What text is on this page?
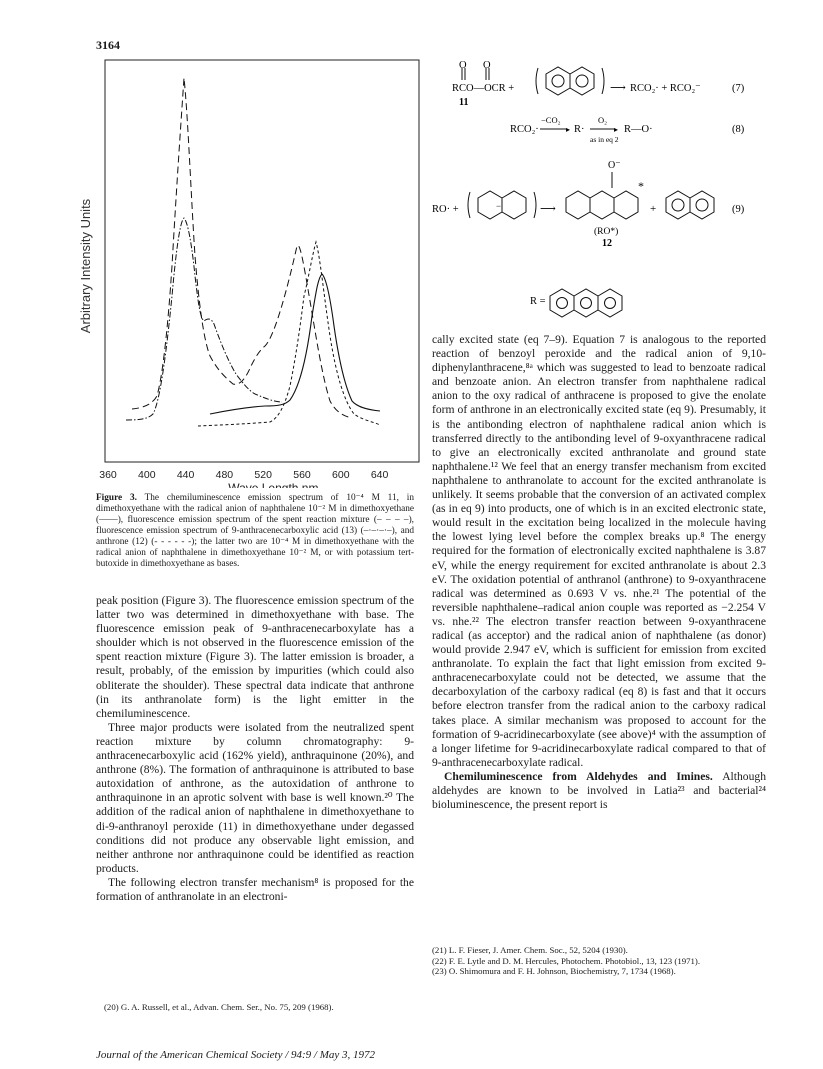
3164
Arbitrary Intensity Units
360 400 440 480 520 560 600 640
Wave Length nm.
Figure 3. The chemiluminescence emission spectrum of 10⁻⁴ M 11, in dimethoxyethane with the radical anion of naphthalene 10⁻² M in dimethoxyethane (——), fluorescence emission spectrum of the spent reaction mixture (– – – –), fluorescence emission spectrum of 9-anthracenecarboxylic acid (13) (–·–·–·–), and anthrone (12) (- - - - - -); the latter two are 10⁻⁴ M in dimethoxyethane with the radical anion of naphthalene in dimethoxyethane 10⁻² M, or with potassium tert-butoxide in dimethoxyethane as bases.

peak position (Figure 3). The fluorescence emission spectrum of the latter two was determined in dimethoxyethane with base. The fluorescence emission peak of 9-anthracenecarboxylate has a shoulder which is not observed in the fluorescence emission of the spent reaction mixture (Figure 3). The latter emission is broader, a result, probably, of the emission by impurities (which could also obliterate the shoulder). These spectral data indicate that anthrone (in its anthranolate form) is the light emitter in the chemiluminescence.

Three major products were isolated from the neutralized spent reaction mixture by column chromatography: 9-anthracenecarboxylic acid (162% yield), anthraquinone (20%), and anthrone (8%). The formation of anthraquinone is attributed to base autoxidation of anthrone, as the autoxidation of anthrone to anthraquinone in an aprotic solvent with base is well known.²⁰ The addition of the radical anion of naphthalene in dimethoxyethane to di-9-anthranoyl peroxide (11) in dimethoxyethane under degassed conditions did not produce any observable light emission, and neither anthrone nor anthraquinone could be identified as reaction products.

The following electron transfer mechanism⁸ is proposed for the formation of anthranolate in an electroni-

(20) G. A. Russell, et al., Advan. Chem. Ser., No. 75, 209 (1968).
O O
RCO—OCR +
11
⟶ RCO₂· + RCO₂⁻	(7)
RCO₂·
−CO₂
▸ R·
O₂
▸
as in eq 2
R—O·	(8)
RO· +	−	⟶
O⁻
*
(RO*)
12
+	(9)
R =

cally excited state (eq 7–9). Equation 7 is analogous to the reported reaction of benzoyl peroxide and the radical anion of 9,10-diphenylanthracene,⁸ᵃ which was suggested to lead to benzoate radical and benzoate anion. An electron transfer from naphthalene radical anion to the oxy radical of anthracene is proposed to give the enolate form of anthrone in an electronically excited state (eq 9). Presumably, it is the antibonding electron of naphthalene radical anion which is transferred directly to the antibonding level of 9-oxyanthracene radical to give an electronically excited anthranolate and ground state naphthalene.¹² We feel that an energy transfer mechanism from excited naphthalene to anthranolate to account for the excited anthranolate is unlikely. It seems probable that the conversion of an activated complex (as in eq 9) into products, one of which is in an excited electronic state, would result in the excitation being localized in the molecule having the lowest lying level before the complex breaks up.⁸ The energy required for the formation of electronically excited naphthalene is 3.87 eV, while the energy requirement for excited anthranolate is about 2.3 eV. The oxidation potential of anthranol (anthrone) to 9-oxyanthracene radical was determined as 0.693 V vs. nhe.²¹ The potential of the reversible naphthalene–radical anion couple was reported as −2.254 V vs. nhe.²² The electron transfer reaction between 9-oxyanthracene radical (as acceptor) and the radical anion of naphthalene (as donor) would provide 2.947 eV, which is sufficient for emission from excited anthranolate. To explain the fact that light emission from excited 9-anthracenecarboxylate could not be detected, we assume that the decarboxylation of the carboxy radical (eq 8) is fast and that it occurs before electron transfer from the radical anion to the carboxy radical takes place. A similar mechanism was proposed to account for the formation of 9-acridinecarboxylate (see above)⁴ with the assumption of a longer lifetime for 9-acridinecarboxylate radical compared to that of 9-anthracenecarboxylate radical.

Chemiluminescence from Aldehydes and Imines. Although aldehydes are known to be involved in Latia²³ and bacterial²⁴ bioluminescence, the present report is

(21) L. F. Fieser, J. Amer. Chem. Soc., 52, 5204 (1930).

(22) F. E. Lytle and D. M. Hercules, Photochem. Photobiol., 13, 123 (1971).

(23) O. Shimomura and F. H. Johnson, Biochemistry, 7, 1734 (1968).

Journal of the American Chemical Society / 94:9 / May 3, 1972
